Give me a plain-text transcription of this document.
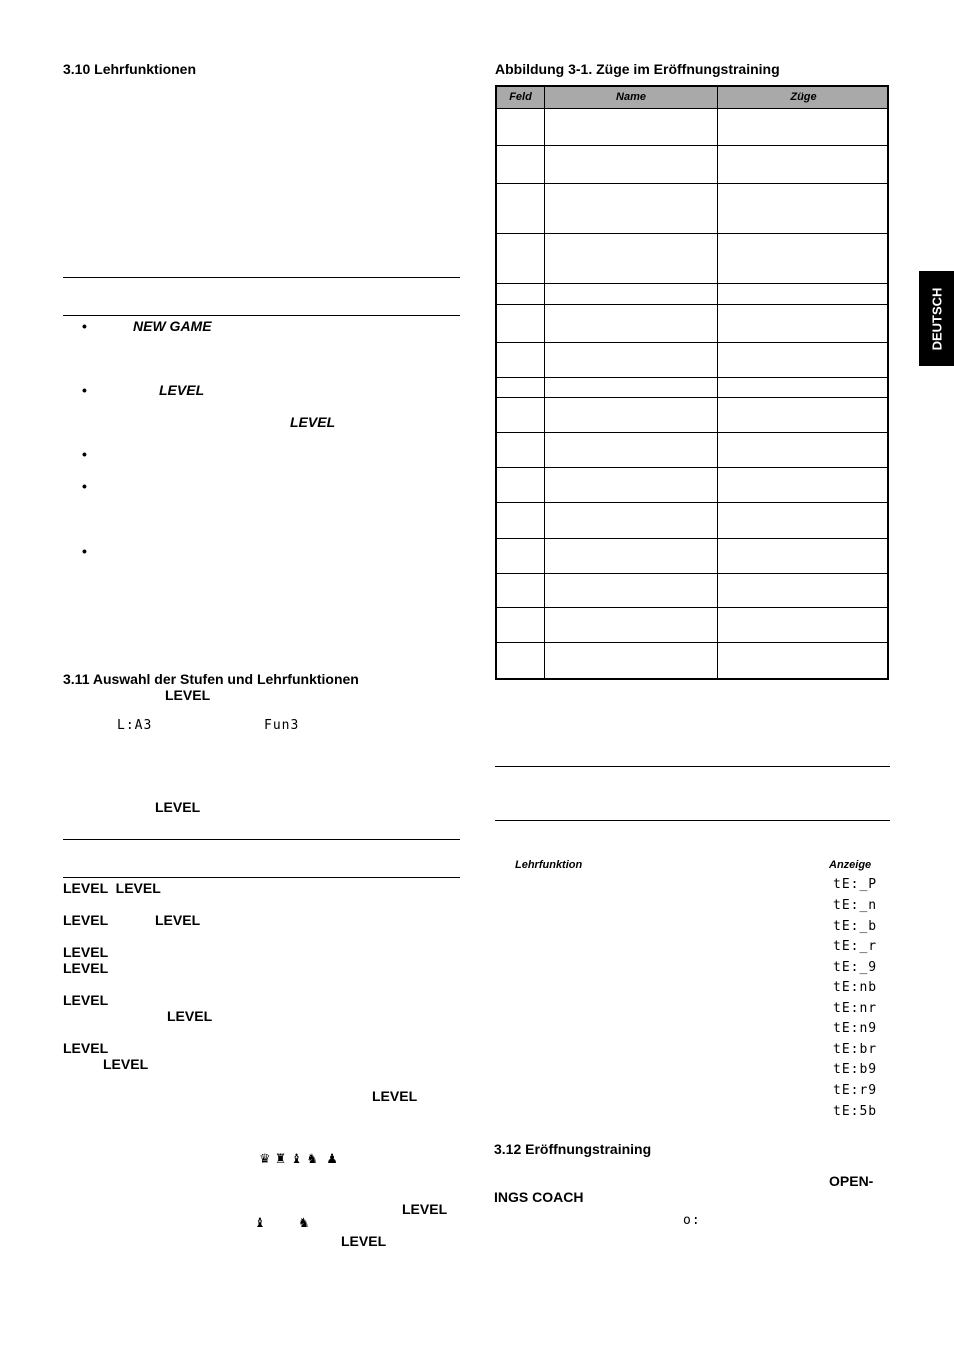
3.10 Lehrfunktionen
•	NEW GAME
•	LEVEL
LEVEL
•
•
•
3.11 Auswahl der Stufen und Lehrfunktionen
LEVEL
L:A3	Fun3
LEVEL
LEVEL  LEVEL
LEVEL	LEVEL
LEVEL
LEVEL
LEVEL
LEVEL
LEVEL
LEVEL
LEVEL
♛ ♜ ♝ ♞  ♟
LEVEL
♝ ♞
LEVEL
Abbildung 3-1. Züge im Eröffnungstraining
Feld	Name	Züge
Lehrfunktion	Anzeige
tE:_P
tE:_n
tE:_b
tE:_r
tE:_9
tE:nb
tE:nr
tE:n9
tE:br
tE:b9
tE:r9
tE:5b
3.12 Eröffnungstraining
OPEN-
INGS COACH
o:
DEUTSCH
